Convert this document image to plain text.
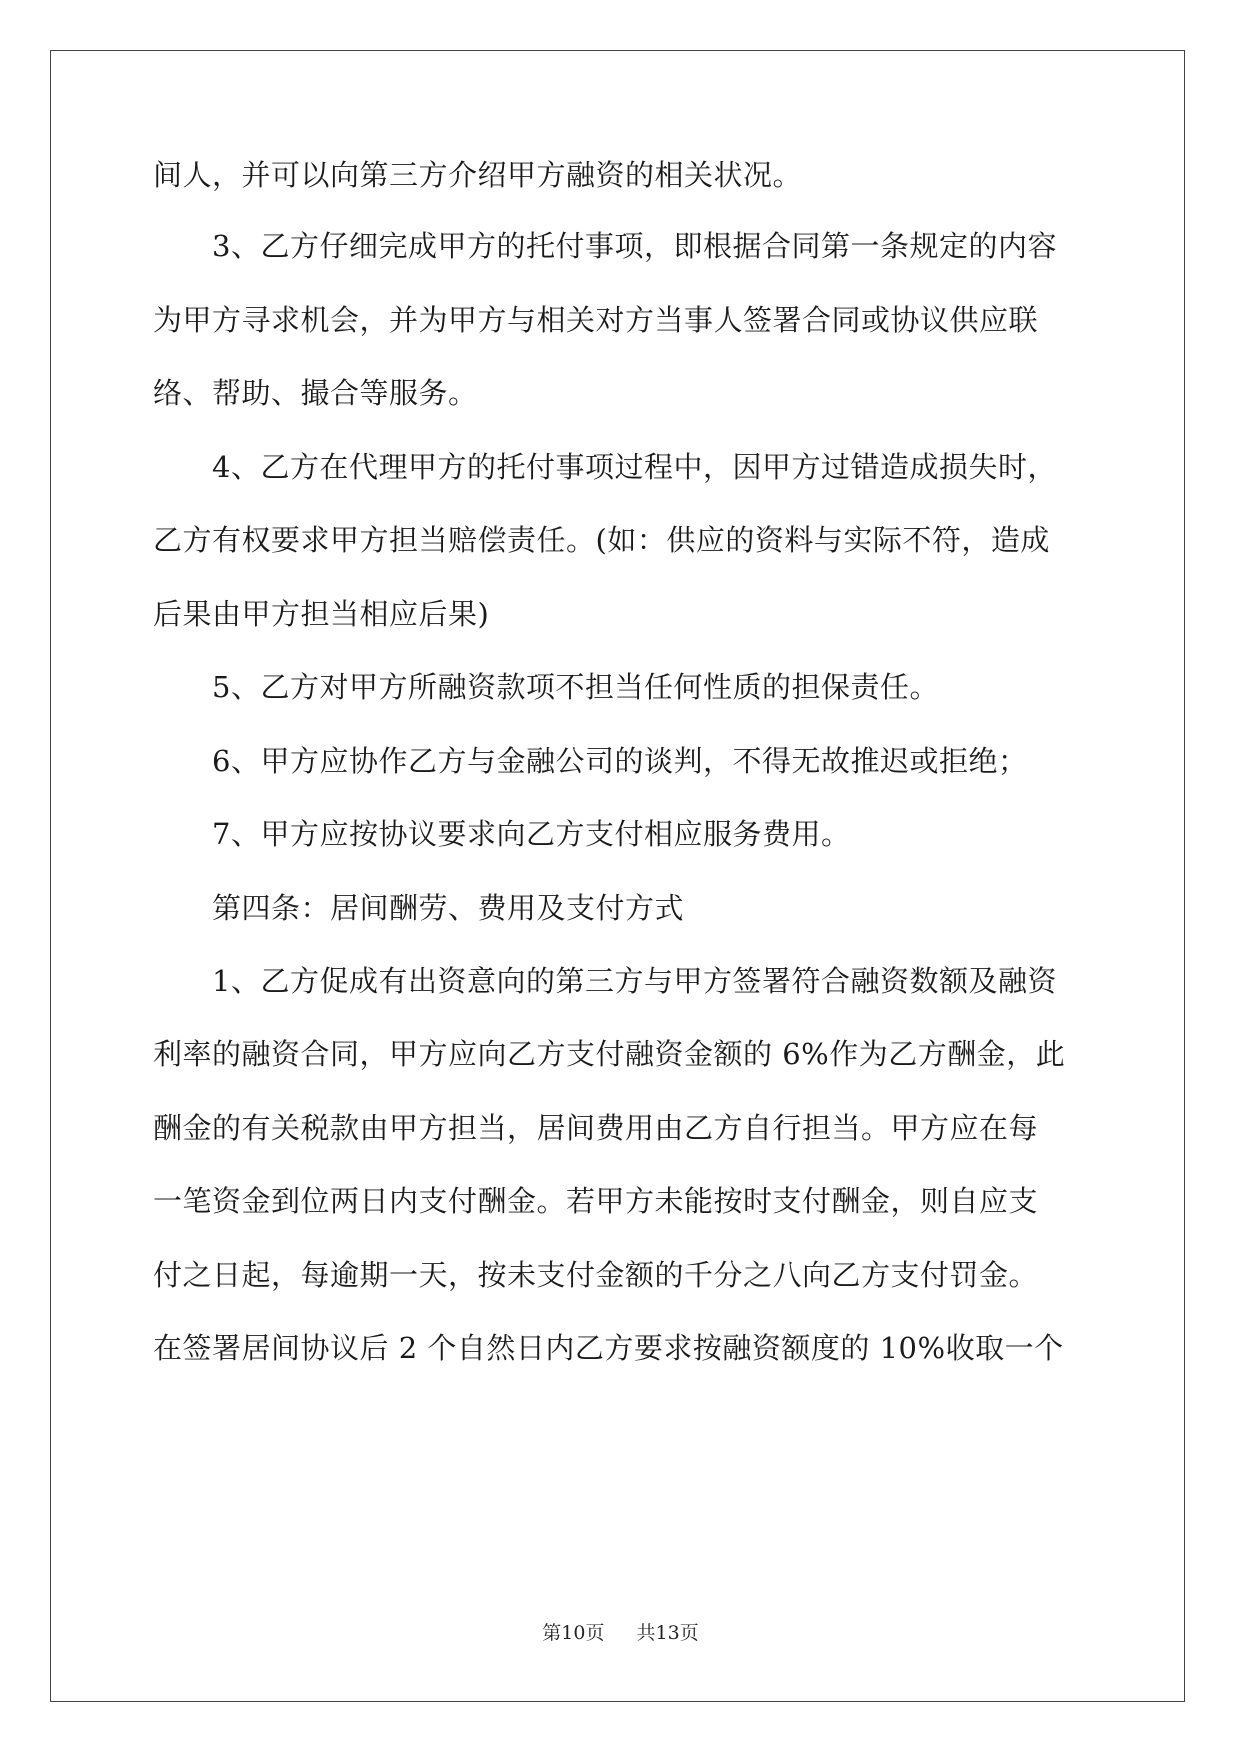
间人，并可以向第三方介绍甲方融资的相关状况。
3、乙方仔细完成甲方的托付事项，即根据合同第一条规定的内容
为甲方寻求机会，并为甲方与相关对方当事人签署合同或协议供应联
络、帮助、撮合等服务。
4、乙方在代理甲方的托付事项过程中，因甲方过错造成损失时，
乙方有权要求甲方担当赔偿责任。(如：供应的资料与实际不符，造成
后果由甲方担当相应后果)
5、乙方对甲方所融资款项不担当任何性质的担保责任。
6、甲方应协作乙方与金融公司的谈判，不得无故推迟或拒绝；
7、甲方应按协议要求向乙方支付相应服务费用。
第四条：居间酬劳、费用及支付方式
1、乙方促成有出资意向的第三方与甲方签署符合融资数额及融资
利率的融资合同，甲方应向乙方支付融资金额的 6%作为乙方酬金，此
酬金的有关税款由甲方担当，居间费用由乙方自行担当。甲方应在每
一笔资金到位两日内支付酬金。若甲方未能按时支付酬金，则自应支
付之日起，每逾期一天，按未支付金额的千分之八向乙方支付罚金。
在签署居间协议后 2 个自然日内乙方要求按融资额度的 10%收取一个
第10页 共13页
